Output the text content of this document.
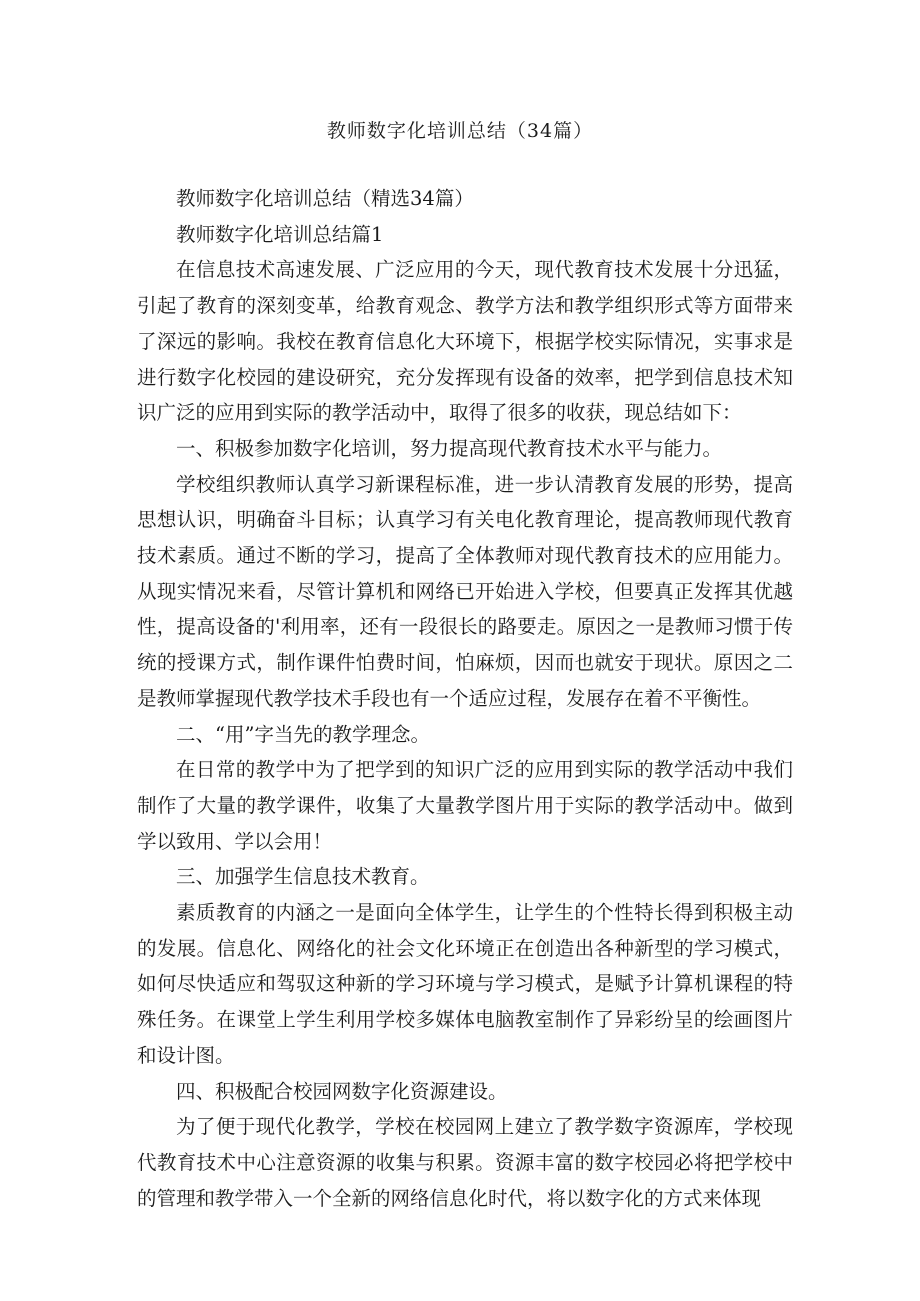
教师数字化培训总结（34篇）

教师数字化培训总结（精选34篇）

教师数字化培训总结篇1

在信息技术高速发展、广泛应用的今天，现代教育技术发展十分迅猛，引起了教育的深刻变革，给教育观念、教学方法和教学组织形式等方面带来了深远的影响。我校在教育信息化大环境下，根据学校实际情况，实事求是进行数字化校园的建设研究，充分发挥现有设备的效率，把学到信息技术知识广泛的应用到实际的教学活动中，取得了很多的收获，现总结如下：

一、积极参加数字化培训，努力提高现代教育技术水平与能力。

学校组织教师认真学习新课程标准，进一步认清教育发展的形势，提高思想认识，明确奋斗目标；认真学习有关电化教育理论，提高教师现代教育技术素质。通过不断的学习，提高了全体教师对现代教育技术的应用能力。从现实情况来看，尽管计算机和网络已开始进入学校，但要真正发挥其优越性，提高设备的'利用率，还有一段很长的路要走。原因之一是教师习惯于传统的授课方式，制作课件怕费时间，怕麻烦，因而也就安于现状。原因之二是教师掌握现代教学技术手段也有一个适应过程，发展存在着不平衡性。

二、“用”字当先的教学理念。

在日常的教学中为了把学到的知识广泛的应用到实际的教学活动中我们制作了大量的教学课件，收集了大量教学图片用于实际的教学活动中。做到学以致用、学以会用！

三、加强学生信息技术教育。

素质教育的内涵之一是面向全体学生，让学生的个性特长得到积极主动的发展。信息化、网络化的社会文化环境正在创造出各种新型的学习模式，如何尽快适应和驾驭这种新的学习环境与学习模式，是赋予计算机课程的特殊任务。在课堂上学生利用学校多媒体电脑教室制作了异彩纷呈的绘画图片和设计图。

四、积极配合校园网数字化资源建设。

为了便于现代化教学，学校在校园网上建立了教学数字资源库，学校现代教育技术中心注意资源的收集与积累。资源丰富的数字校园必将把学校中的管理和教学带入一个全新的网络信息化时代，将以数字化的方式来体现
